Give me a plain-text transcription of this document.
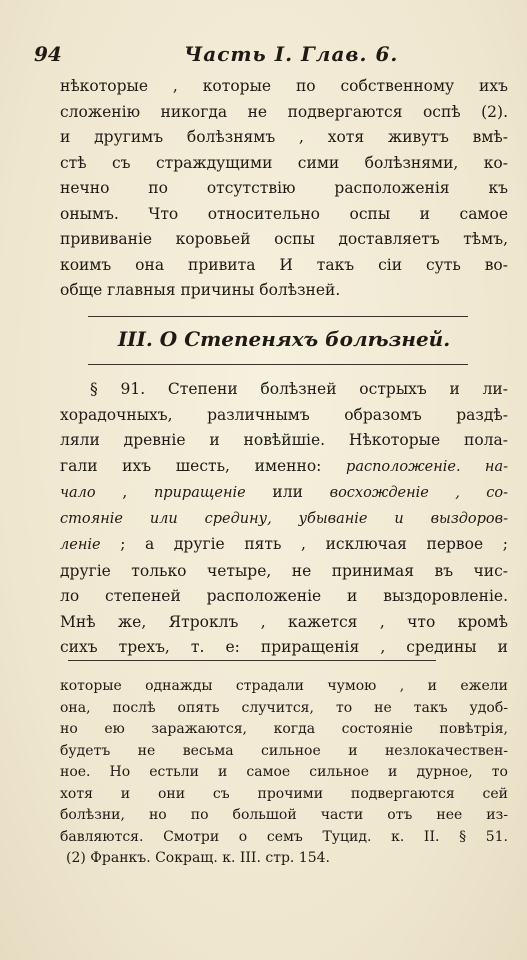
94	Часть I. Глав. 6.
нѣкоторые , которые по собственному ихъ
сложенію никогда не подвергаются оспѣ (2).
и другимъ болѣзнямъ , хотя живутъ вмѣ-
стѣ съ страждущими сими болѣзнями, ко-
нечно по отсутствію расположенія къ
онымъ. Что относительно оспы и самое
прививаніе коровьей оспы доставляетъ тѣмъ,
коимъ она привита И такъ сіи суть во-
обще главныя причины болѣзней.
III. О Степеняхъ болѣзней.
§ 91. Степени болѣзней острыхъ и ли-
хорадочныхъ, различнымъ образомъ раздѣ-
ляли древніе и новѣйшіе. Нѣкоторые пола-
гали ихъ шесть, именно: расположеніе. на-
чало , приращеніе или восхожденіе , со-
стояніе или средину, убываніе и выздоров-
леніе ; а другіе пять , исключая первое ;
другіе только четыре, не принимая въ чис-
ло степеней расположеніе и выздоровленіе.
Мнѣ же, Ятроклъ , кажется , что кромѣ
сихъ трехъ, т. е: приращенія , средины и
которые однажды страдали чумою , и ежели
она, послѣ опять случится, то не такъ удоб-
но ею заражаются, когда состояніе повѣтрія,
будетъ не весьма сильное и незлокачествен-
ное. Но естьли и самое сильное и дурное, то
хотя и они съ прочими подвергаются сей
болѣзни, но по большой части отъ нее из-
бавляются. Смотри о семъ Туцид. к. II. § 51.
(2) Франкъ. Сокращ. к. III. стр. 154.
